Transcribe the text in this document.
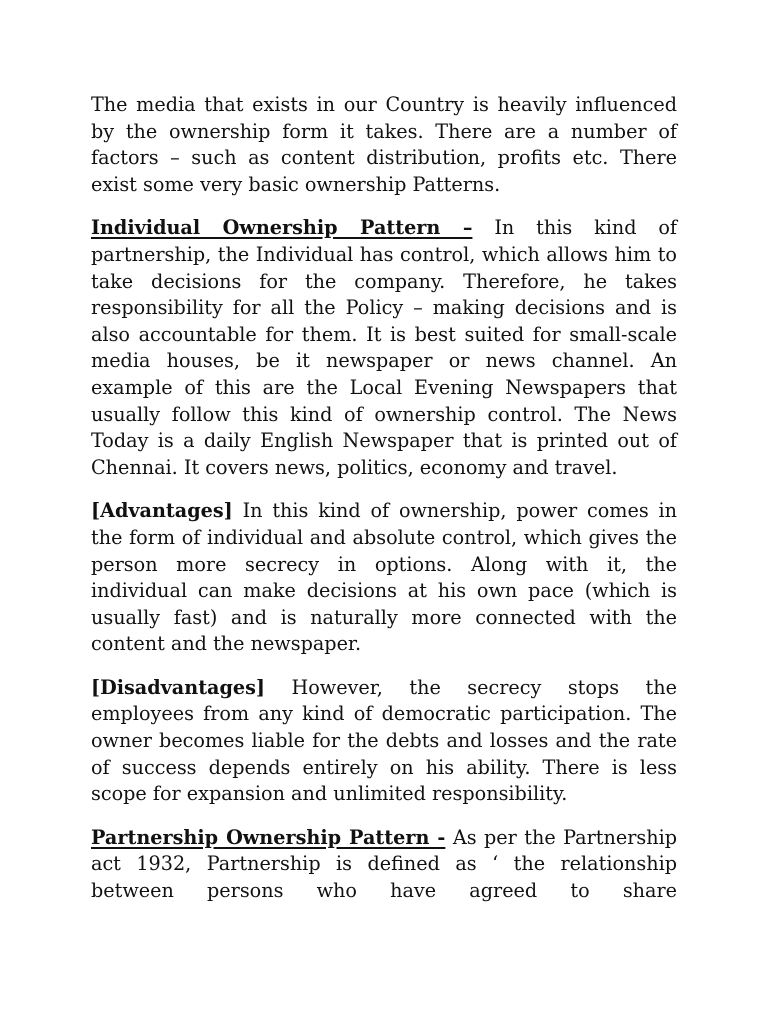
The media that exists in our Country is heavily influenced by the ownership form it takes. There are a number of factors – such as content distribution, profits etc. There exist some very basic ownership Patterns.

Individual Ownership Pattern – In this kind of partnership, the Individual has control, which allows him to take decisions for the company. Therefore, he takes responsibility for all the Policy – making decisions and is also accountable for them. It is best suited for small-scale media houses, be it newspaper or news channel. An example of this are the Local Evening Newspapers that usually follow this kind of ownership control. The News Today is a daily English Newspaper that is printed out of Chennai. It covers news, politics, economy and travel.

[Advantages] In this kind of ownership, power comes in the form of individual and absolute control, which gives the person more secrecy in options. Along with it, the individual can make decisions at his own pace (which is usually fast) and is naturally more connected with the content and the newspaper.

[Disadvantages] However, the secrecy stops the employees from any kind of democratic participation. The owner becomes liable for the debts and losses and the rate of success depends entirely on his ability. There is less scope for expansion and unlimited responsibility.

Partnership Ownership Pattern - As per the Partnership act 1932, Partnership is defined as ‘ the relationship between persons who have agreed to share
